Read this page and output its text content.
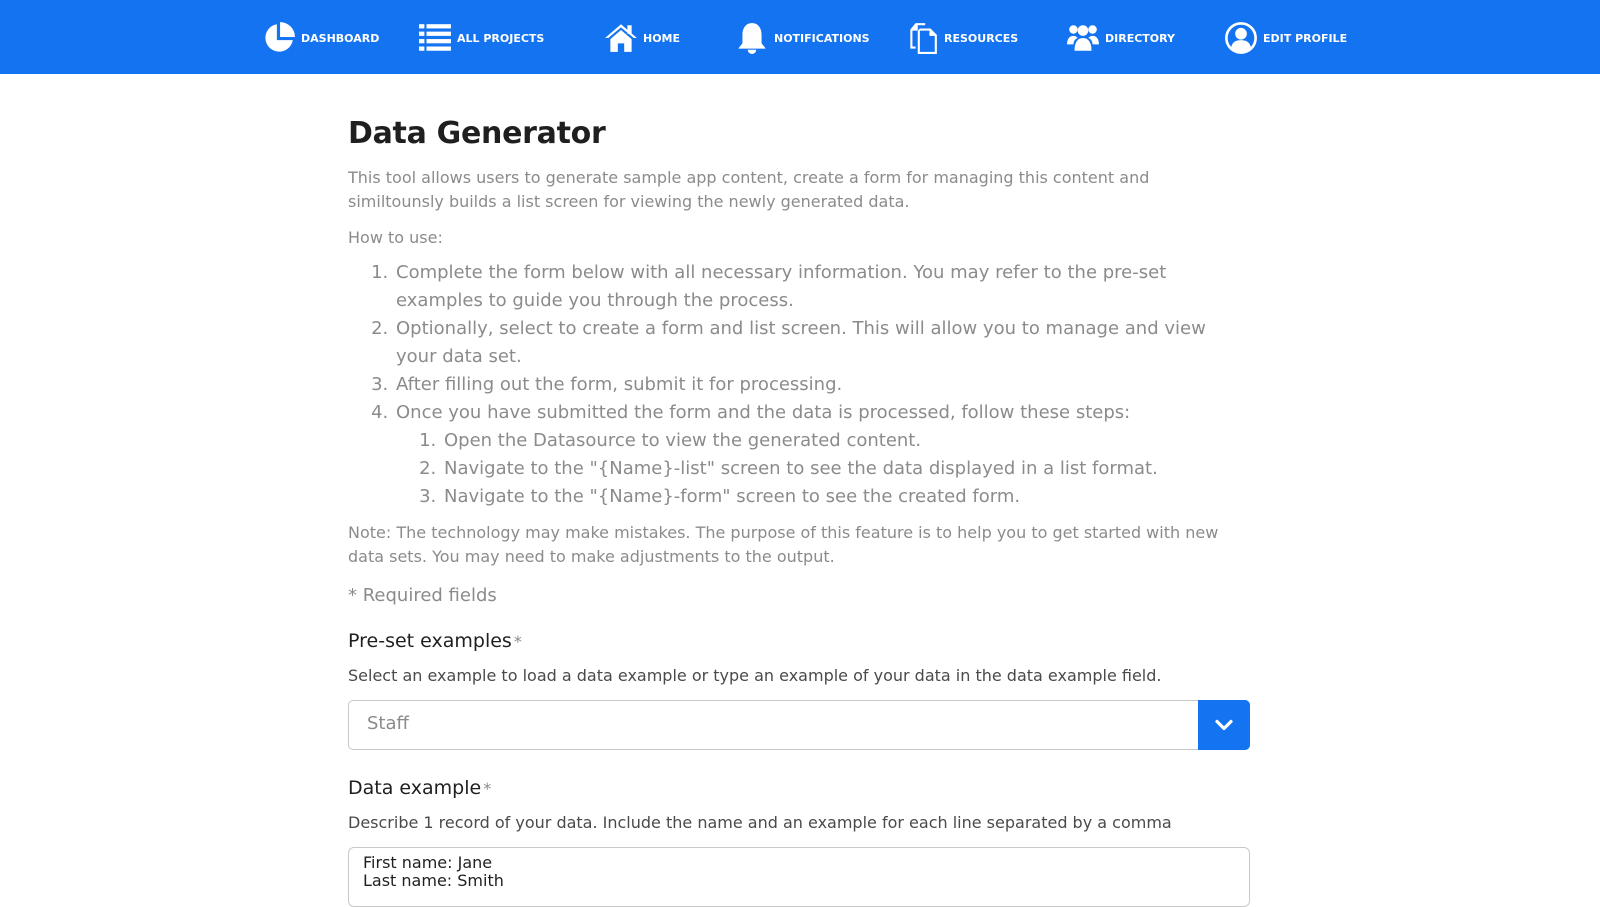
DASHBOARD	ALL PROJECTS	HOME	NOTIFICATIONS	RESOURCES	DIRECTORY	EDIT PROFILE
Data Generator

This tool allows users to generate sample app content, create a form for managing this content and similtounsly builds a list screen for viewing the newly generated data.

How to use:

1. Complete the form below with all necessary information. You may refer to the pre-set examples to guide you through the process.
2. Optionally, select to create a form and list screen. This will allow you to manage and view your data set.
3. After filling out the form, submit it for processing.
4. Once you have submitted the form and the data is processed, follow these steps:
1. Open the Datasource to view the generated content.
2. Navigate to the "{Name}-list" screen to see the data displayed in a list format.
3. Navigate to the "{Name}-form" screen to see the created form.

Note: The technology may make mistakes. The purpose of this feature is to help you to get started with new data sets. You may need to make adjustments to the output.

* Required fields

Pre-set examples *
Select an example to load a data example or type an example of your data in the data example field.
Staff
Data example *
Describe 1 record of your data. Include the name and an example for each line separated by a comma
First name: Jane
Last name: Smith
